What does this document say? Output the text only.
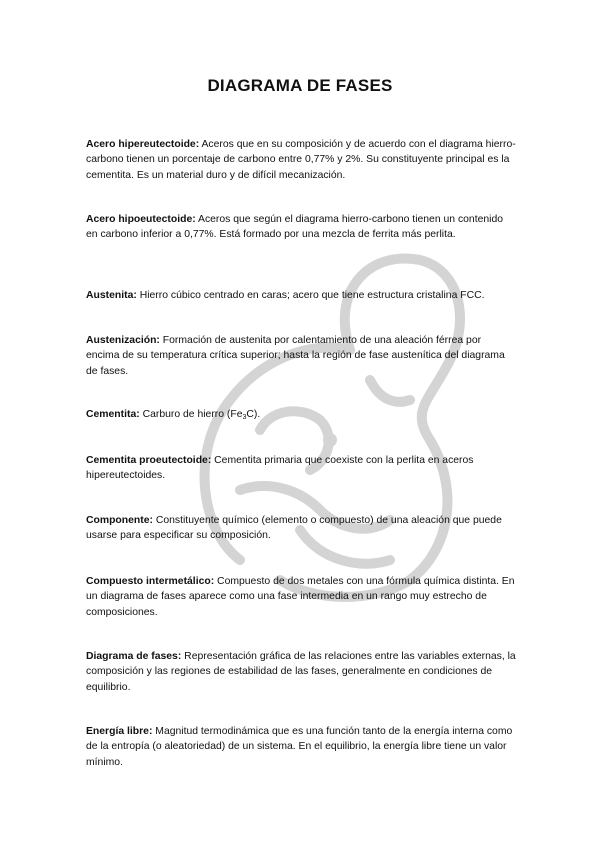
DIAGRAMA DE FASES
Acero hipereutectoide: Aceros que en su composición y de acuerdo con el diagrama hierro-carbono tienen un porcentaje de carbono entre 0,77% y 2%. Su constituyente principal es la cementita. Es un material duro y de difícil mecanización.
Acero hipoeutectoide: Aceros que según el diagrama hierro-carbono tienen un contenido en carbono inferior a 0,77%. Está formado por una mezcla de ferrita más perlita.
Austenita: Hierro cúbico centrado en caras; acero que tiene estructura cristalina FCC.
Austenización: Formación de austenita por calentamiento de una aleación férrea por encima de su temperatura crítica superior; hasta la región de fase austenítica del diagrama de fases.
Cementita: Carburo de hierro $(Fe_3C)$.
Cementita proeutectoide: Cementita primaria que coexiste con la perlita en aceros hipereutectoides.
Componente: Constituyente químico (elemento o compuesto) de una aleación que puede usarse para especificar su composición.
Compuesto intermetálico: Compuesto de dos metales con una fórmula química distinta. En un diagrama de fases aparece como una fase intermedia en un rango muy estrecho de composiciones.
Diagrama de fases: Representación gráfica de las relaciones entre las variables externas, la composición y las regiones de estabilidad de las fases, generalmente en condiciones de equilibrio.
Energía libre: Magnitud termodinámica que es una función tanto de la energía interna como de la entropía (o aleatoriedad) de un sistema. En el equilibrio, la energía libre tiene un valor mínimo.
